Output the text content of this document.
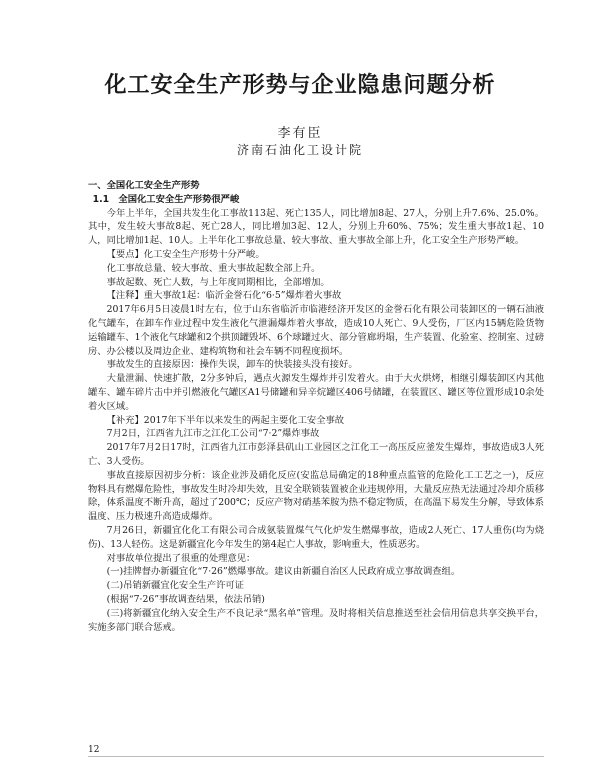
化工安全生产形势与企业隐患问题分析
李有臣
济南石油化工设计院

一、全国化工安全生产形势

1.1　全国化工安全生产形势很严峻

今年上半年，全国共发生化工事故113起、死亡135人，同比增加8起、27人，分别上升7.6%、25.0%。其中，发生较大事故8起、死亡28人，同比增加3起、12人，分别上升60%、75%；发生重大事故1起、10人，同比增加1起、10人。上半年化工事故总量、较大事故、重大事故全部上升，化工安全生产形势严峻。

【要点】化工安全生产形势十分严峻。

化工事故总量、较大事故、重大事故起数全部上升。

事故起数、死亡人数，与上年度同期相比，全部增加。

【注释】重大事故1起：临沂金誉石化“6·5”爆炸着火事故

2017年6月5日凌晨1时左右，位于山东省临沂市临港经济开发区的金誉石化有限公司装卸区的一辆石油液化气罐车，在卸车作业过程中发生液化气泄漏爆炸着火事故，造成10人死亡、9人受伤，厂区内15辆危险货物运输罐车、1个液化气球罐和2个拱顶罐毁坏、6个球罐过火、部分管廊坍塌，生产装置、化验室、控制室、过磅房、办公楼以及周边企业、建构筑物和社会车辆不同程度损坏。

事故发生的直接原因：操作失误，卸车的快装接头没有接好。

大量泄漏、快速扩散，2分多钟后，遇点火源发生爆炸并引发着火。由于大火烘烤，相继引爆装卸区内其他罐车、罐车碎片击中并引燃液化气罐区A1号储罐和异辛烷罐区406号储罐，在装置区、罐区等位置形成10余处着火区域。

【补充】2017年下半年以来发生的两起主要化工安全事故

7月2日，江西省九江市之江化工公司“7·2”爆炸事故

2017年7月2日17时，江西省九江市彭泽县矶山工业园区之江化工一高压反应釜发生爆炸，事故造成3人死亡、3人受伤。

事故直接原因初步分析：该企业涉及硝化反应(安监总局确定的18种重点监管的危险化工工艺之一)，反应物料具有燃爆危险性，事故发生时冷却失效，且安全联锁装置被企业违规停用，大量反应热无法通过冷却介质移除，体系温度不断升高，超过了200℃；反应产物对硝基苯胺为热不稳定物质，在高温下易发生分解，导致体系温度、压力极速升高造成爆炸。

7月26日，新疆宜化化工有限公司合成氨装置煤气气化炉发生燃爆事故，造成2人死亡、17人重伤(均为烧伤)、13人轻伤。这是新疆宜化今年发生的第4起亡人事故，影响重大，性质恶劣。

对事故单位提出了很重的处理意见：

(一)挂牌督办新疆宜化“7·26”燃爆事故。建议由新疆自治区人民政府成立事故调查组。

(二)吊销新疆宜化安全生产许可证

(根据“7·26”事故调查结果，依法吊销)

(三)将新疆宜化纳入安全生产不良记录“黑名单”管理。及时将相关信息推送至社会信用信息共享交换平台，实施多部门联合惩戒。

12
